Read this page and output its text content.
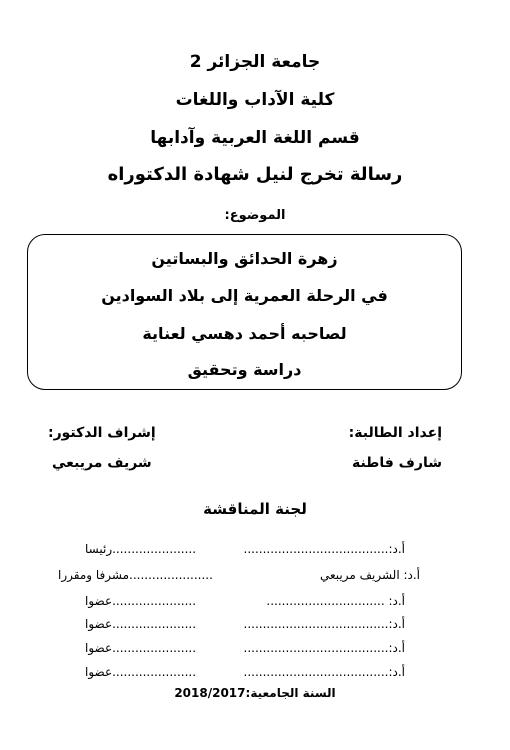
جامعة الجزائر 2
كلية الآداب واللغات
قسم اللغة العربية وآدابها
رسالة تخرج لنيل شهادة الدكتوراه
الموضوع:
زهرة الحدائق والبساتين
في الرحلة العمرية إلى بلاد السوادين
لصاحبه أحمد دهسي لعناية
دراسة وتحقيق
إعداد الطالبة:
شارف فاطنة
إشراف الدكتور:
شريف مريبعي
لجنة المناقشة
أ.د:......................................
......................رئيسا
أ.د: الشريف مريبعي
......................مشرفا ومقررا
أ.د: ...............................
......................عضوا
أ.د:......................................
......................عضوا
أ.د:......................................
......................عضوا
أ.د:......................................
......................عضوا
السنة الجامعية:2018/2017
